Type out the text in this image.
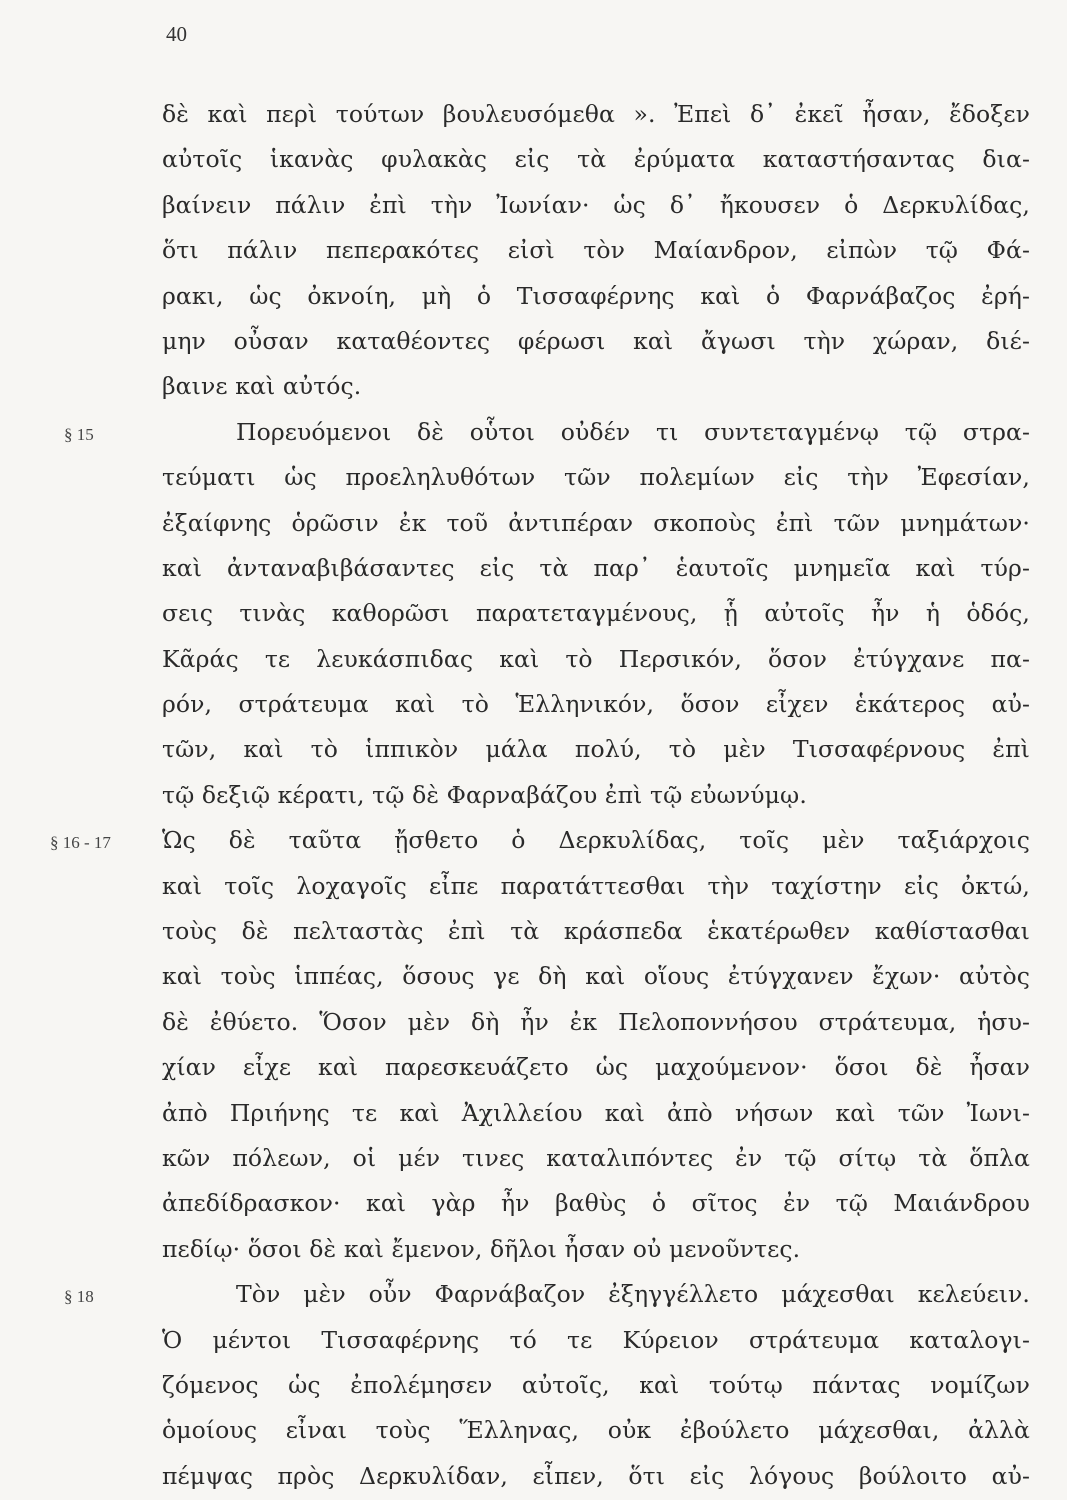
40
δὲ καὶ περὶ τούτων βουλευσόμεθα ». Ἐπεὶ δ᾽ ἐκεῖ ἦσαν, ἔδοξεν
αὐτοῖς ἱκανὰς φυλακὰς εἰς τὰ ἐρύματα καταστήσαντας δια-
βαίνειν πάλιν ἐπὶ τὴν Ἰωνίαν· ὡς δ᾽ ἤκουσεν ὁ Δερκυλίδας,
ὅτι πάλιν πεπερακότες εἰσὶ τὸν Μαίανδρον, εἰπὼν τῷ Φά-
ρακι, ὡς ὀκνοίη, μὴ ὁ Τισσαφέρνης καὶ ὁ Φαρνάβαζος ἐρή-
μην οὖσαν καταθέοντες φέρωσι καὶ ἄγωσι τὴν χώραν, διέ-
βαινε καὶ αὐτός.
§ 15	Πορευόμενοι δὲ οὗτοι οὐδέν τι συντεταγμένῳ τῷ στρα-
τεύματι ὡς προεληλυθότων τῶν πολεμίων εἰς τὴν Ἐφεσίαν,
ἐξαίφνης ὁρῶσιν ἐκ τοῦ ἀντιπέραν σκοποὺς ἐπὶ τῶν μνημάτων·
καὶ ἀνταναβιβάσαντες εἰς τὰ παρ᾽ ἑαυτοῖς μνημεῖα καὶ τύρ-
σεις τινὰς καθορῶσι παρατεταγμένους, ᾗ αὐτοῖς ἦν ἡ ὁδός,
Κᾶράς τε λευκάσπιδας καὶ τὸ Περσικόν, ὅσον ἐτύγχανε πα-
ρόν, στράτευμα καὶ τὸ Ἑλληνικόν, ὅσον εἶχεν ἑκάτερος αὐ-
τῶν, καὶ τὸ ἱππικὸν μάλα πολύ, τὸ μὲν Τισσαφέρνους ἐπὶ
τῷ δεξιῷ κέρατι, τῷ δὲ Φαρναβάζου ἐπὶ τῷ εὐωνύμῳ.
§ 16 - 17 Ὡς δὲ ταῦτα ᾔσθετο ὁ Δερκυλίδας, τοῖς μὲν ταξιάρχοις
καὶ τοῖς λοχαγοῖς εἶπε παρατάττεσθαι τὴν ταχίστην εἰς ὀκτώ,
τοὺς δὲ πελταστὰς ἐπὶ τὰ κράσπεδα ἑκατέρωθεν καθίστασθαι
καὶ τοὺς ἱππέας, ὅσους γε δὴ καὶ οἵους ἐτύγχανεν ἔχων· αὐτὸς
δὲ ἐθύετο. Ὅσον μὲν δὴ ἦν ἐκ Πελοποννήσου στράτευμα, ἡσυ-
χίαν εἶχε καὶ παρεσκευάζετο ὡς μαχούμενον· ὅσοι δὲ ἦσαν
ἀπὸ Πριήνης τε καὶ Ἀχιλλείου καὶ ἀπὸ νήσων καὶ τῶν Ἰωνι-
κῶν πόλεων, οἱ μέν τινες καταλιπόντες ἐν τῷ σίτῳ τὰ ὅπλα
ἀπεδίδρασκον· καὶ γὰρ ἦν βαθὺς ὁ σῖτος ἐν τῷ Μαιάνδρου
πεδίῳ· ὅσοι δὲ καὶ ἔμενον, δῆλοι ἦσαν οὐ μενοῦντες.
§ 18	Τὸν μὲν οὖν Φαρνάβαζον ἐξηγγέλλετο μάχεσθαι κελεύειν.
Ὁ μέντοι Τισσαφέρνης τό τε Κύρειον στράτευμα καταλογι-
ζόμενος ὡς ἐπολέμησεν αὐτοῖς, καὶ τούτῳ πάντας νομίζων
ὁμοίους εἶναι τοὺς Ἕλληνας, οὐκ ἐβούλετο μάχεσθαι, ἀλλὰ
πέμψας πρὸς Δερκυλίδαν, εἶπεν, ὅτι εἰς λόγους βούλοιτο αὐ-
